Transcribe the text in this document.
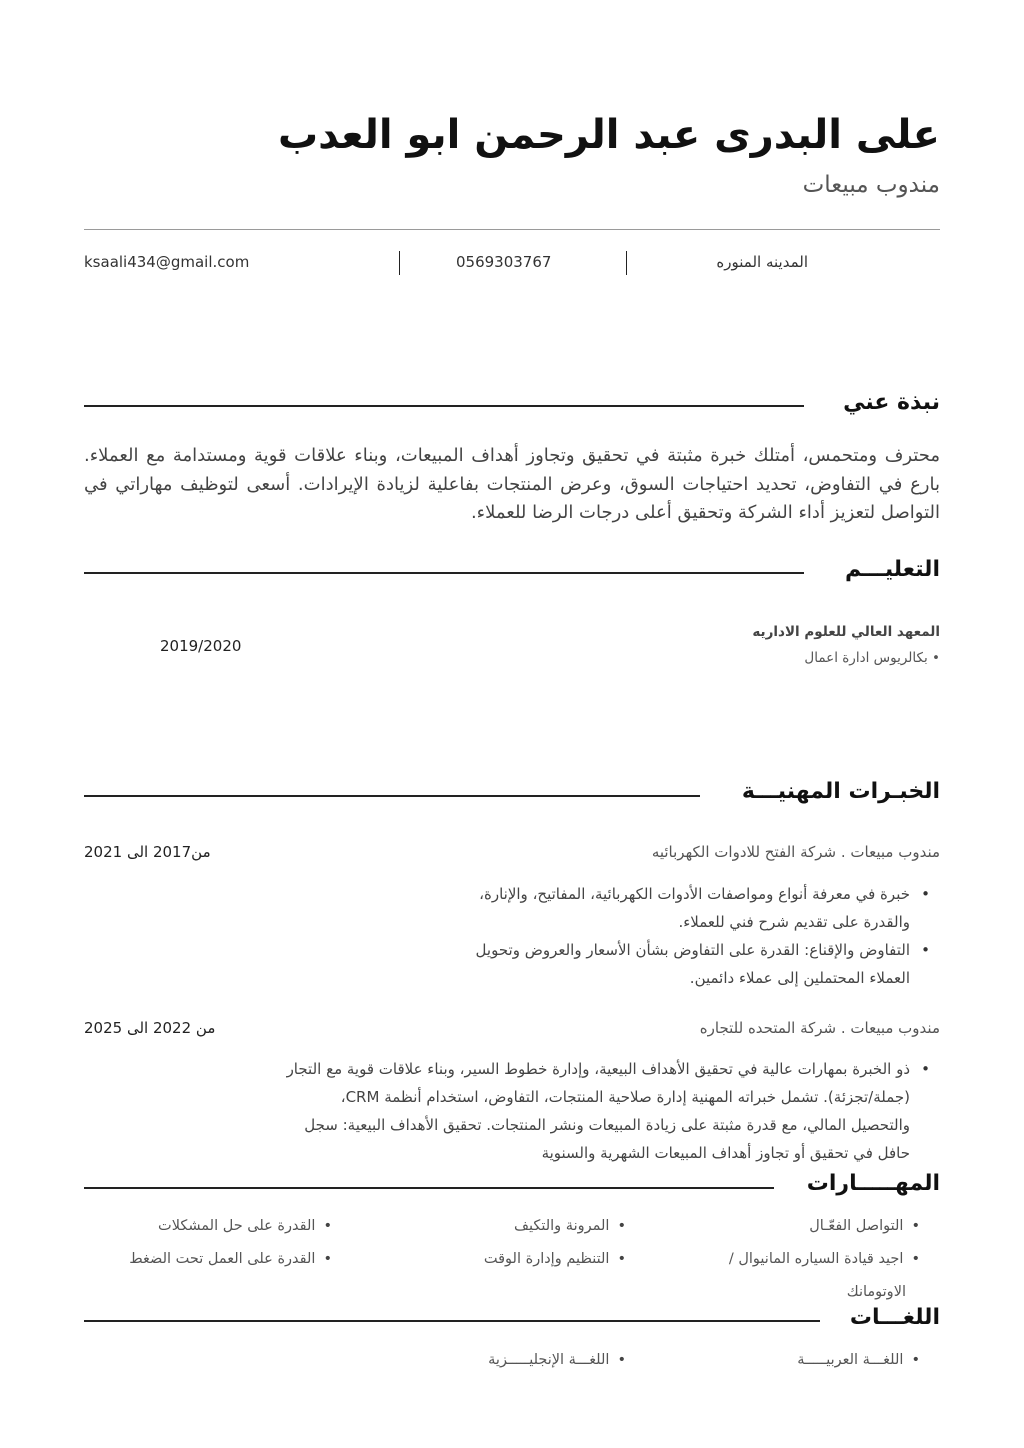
على البدرى عبد الرحمن ابو العدب
مندوب مبيعات
المدينه المنوره
0569303767
ksaali434@gmail.com
نبذة عني
محترف ومتحمس، أمتلك خبرة مثبتة في تحقيق وتجاوز أهداف المبيعات، وبناء علاقات قوية ومستدامة مع العملاء. بارع في التفاوض، تحديد احتياجات السوق، وعرض المنتجات بفاعلية لزيادة الإيرادات. أسعى لتوظيف مهاراتي في التواصل لتعزيز أداء الشركة وتحقيق أعلى درجات الرضا للعملاء.
التعليـــم
المعهد العالي للعلوم الاداريه
• بكالريوس ادارة اعمال
2019/2020
الخبـرات المهنيـــة
مندوب مبيعات . شركة الفتح للادوات الكهربائيه
من2017 الى 2021
• خبرة في معرفة أنواع ومواصفات الأدوات الكهربائية، المفاتيح، والإنارة،
والقدرة على تقديم شرح فني للعملاء.
• التفاوض والإقناع: القدرة على التفاوض بشأن الأسعار والعروض وتحويل
العملاء المحتملين إلى عملاء دائمين.
مندوب مبيعات . شركة المتحده للتجاره
من 2022 الى 2025
• ذو الخبرة بمهارات عالية في تحقيق الأهداف البيعية، وإدارة خطوط السير، وبناء علاقات قوية مع التجار
(جملة/تجزئة). تشمل خبراته المهنية إدارة صلاحية المنتجات، التفاوض، استخدام أنظمة CRM،
والتحصيل المالي، مع قدرة مثبتة على زيادة المبيعات ونشر المنتجات. تحقيق الأهداف البيعية: سجل
حافل في تحقيق أو تجاوز أهداف المبيعات الشهرية والسنوية
المهـــــارات
•التواصل الفعّـال
•المرونة والتكيف
•القدرة على حل المشكلات
•اجيد قيادة السياره المانيوال /
•التنظيم وإدارة الوقت
•القدرة على العمل تحت الضغط
الاوتومانك
اللغـــات
•اللغـــة العربيـــــة
•اللغـــة الإنجليـــــزية
